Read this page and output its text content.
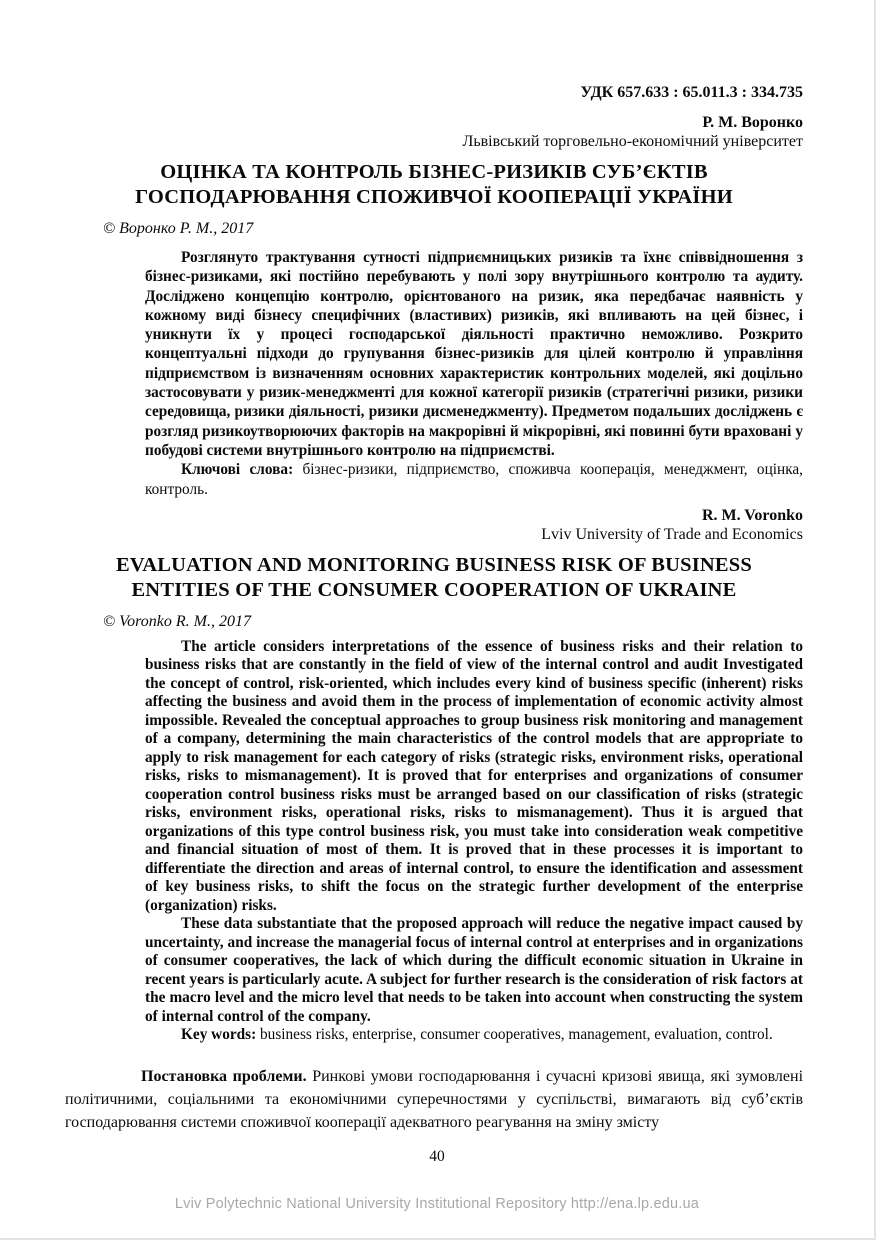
УДК 657.633 : 65.011.3 : 334.735

Р. М. Воронко

Львівський торговельно-економічний університет

ОЦІНКА ТА КОНТРОЛЬ БІЗНЕС-РИЗИКІВ СУБ’ЄКТІВ ГОСПОДАРЮВАННЯ СПОЖИВЧОЇ КООПЕРАЦІЇ УКРАЇНИ

© Воронко Р. М., 2017

Розглянуто трактування сутності підприємницьких ризиків та їхнє співвідношення з бізнес-ризиками, які постійно перебувають у полі зору внутрішнього контролю та аудиту. Досліджено концепцію контролю, орієнтованого на ризик, яка передбачає наявність у кожному виді бізнесу специфічних (властивих) ризиків, які впливають на цей бізнес, і уникнути їх у процесі господарської діяльності практично неможливо. Розкрито концептуальні підходи до групування бізнес-ризиків для цілей контролю й управління підприємством із визначенням основних характеристик контрольних моделей, які доцільно застосовувати у ризик-менеджменті для кожної категорії ризиків (стратегічні ризики, ризики середовища, ризики діяльності, ризики дисменеджменту). Предметом подальших досліджень є розгляд ризикоутворюючих факторів на макрорівні й мікрорівні, які повинні бути враховані у побудові системи внутрішнього контролю на підприємстві.

Ключові слова: бізнес-ризики, підприємство, споживча кооперація, менеджмент, оцінка, контроль.

R. M. Voronko

Lviv University of Trade and Economics

EVALUATION AND MONITORING BUSINESS RISK OF BUSINESS ENTITIES OF THE CONSUMER COOPERATION OF UKRAINE

© Voronko R. M., 2017

The article considers interpretations of the essence of business risks and their relation to business risks that are constantly in the field of view of the internal control and audit Investigated the concept of control, risk-oriented, which includes every kind of business specific (inherent) risks affecting the business and avoid them in the process of implementation of economic activity almost impossible. Revealed the conceptual approaches to group business risk monitoring and management of a company, determining the main characteristics of the control models that are appropriate to apply to risk management for each category of risks (strategic risks, environment risks, operational risks, risks to mismanagement). It is proved that for enterprises and organizations of consumer cooperation control business risks must be arranged based on our classification of risks (strategic risks, environment risks, operational risks, risks to mismanagement). Thus it is argued that organizations of this type control business risk, you must take into consideration weak competitive and financial situation of most of them. It is proved that in these processes it is important to differentiate the direction and areas of internal control, to ensure the identification and assessment of key business risks, to shift the focus on the strategic further development of the enterprise (organization) risks.

These data substantiate that the proposed approach will reduce the negative impact caused by uncertainty, and increase the managerial focus of internal control at enterprises and in organizations of consumer cooperatives, the lack of which during the difficult economic situation in Ukraine in recent years is particularly acute. A subject for further research is the consideration of risk factors at the macro level and the micro level that needs to be taken into account when constructing the system of internal control of the company.

Key words: business risks, enterprise, consumer cooperatives, management, evaluation, control.

Постановка проблеми. Ринкові умови господарювання і сучасні кризові явища, які зумовлені політичними, соціальними та економічними суперечностями у суспільстві, вимагають від суб’єктів господарювання системи споживчої кооперації адекватного реагування на зміну змісту

40
Lviv Polytechnic National University Institutional Repository http://ena.lp.edu.ua
